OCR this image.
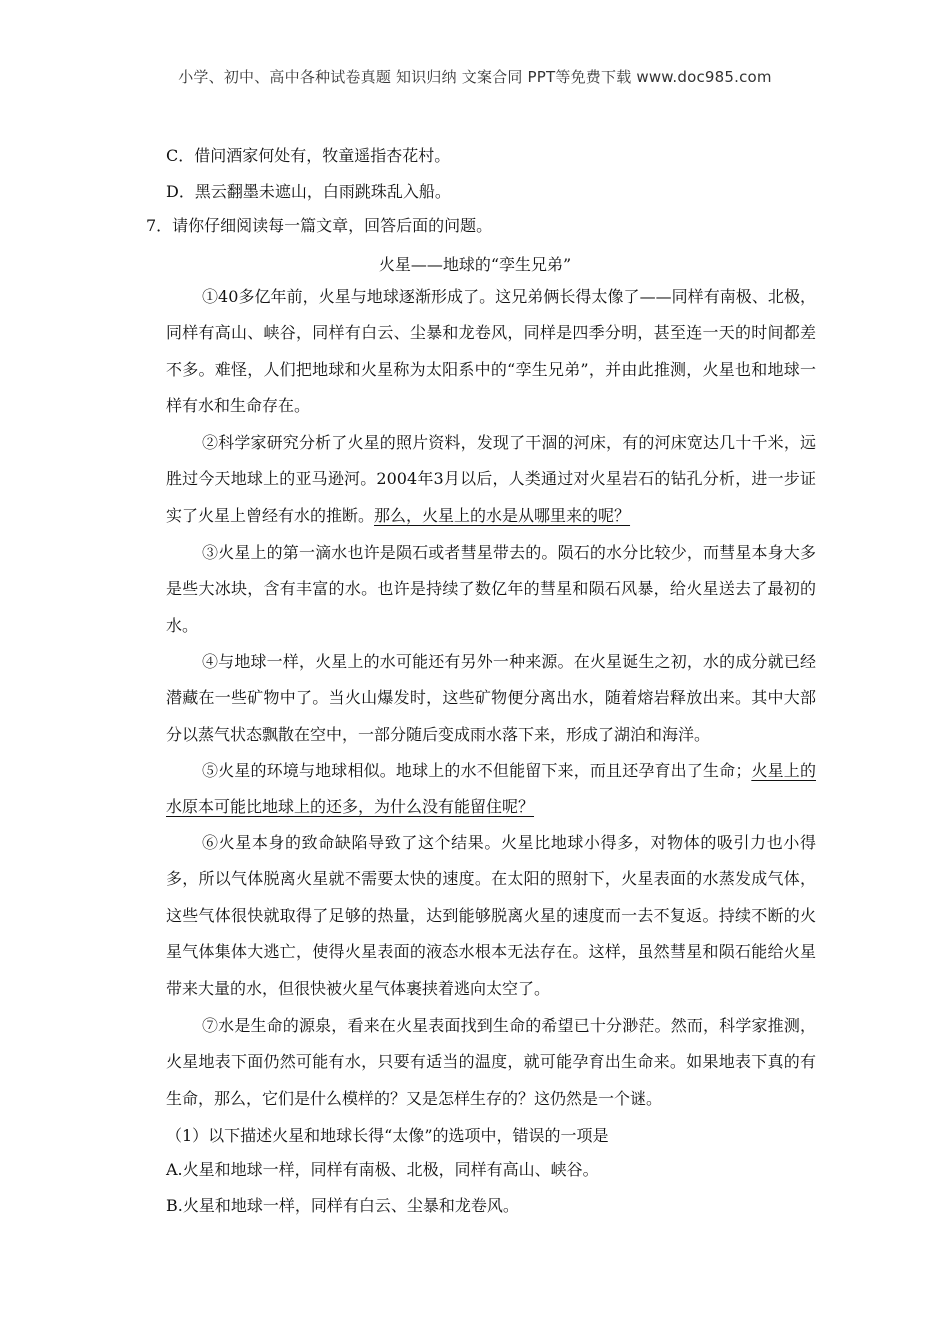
小学、初中、高中各种试卷真题 知识归纳 文案合同 PPT等免费下载 www.doc985.com
C．借问酒家何处有，牧童遥指杏花村。
D．黑云翻墨未遮山，白雨跳珠乱入船。
7．请你仔细阅读每一篇文章，回答后面的问题。
火星——地球的“孪生兄弟”
①40多亿年前，火星与地球逐渐形成了。这兄弟俩长得太像了——同样有南极、北极，同样有高山、峡谷，同样有白云、尘暴和龙卷风，同样是四季分明，甚至连一天的时间都差不多。难怪，人们把地球和火星称为太阳系中的“孪生兄弟”，并由此推测，火星也和地球一样有水和生命存在。
②科学家研究分析了火星的照片资料，发现了干涸的河床，有的河床宽达几十千米，远胜过今天地球上的亚马逊河。2004年3月以后，人类通过对火星岩石的钻孔分析，进一步证实了火星上曾经有水的推断。那么，火星上的水是从哪里来的呢？
③火星上的第一滴水也许是陨石或者彗星带去的。陨石的水分比较少，而彗星本身大多是些大冰块，含有丰富的水。也许是持续了数亿年的彗星和陨石风暴，给火星送去了最初的水。
④与地球一样，火星上的水可能还有另外一种来源。在火星诞生之初，水的成分就已经潜藏在一些矿物中了。当火山爆发时，这些矿物便分离出水，随着熔岩释放出来。其中大部分以蒸气状态飘散在空中，一部分随后变成雨水落下来，形成了湖泊和海洋。
⑤火星的环境与地球相似。地球上的水不但能留下来，而且还孕育出了生命；火星上的水原本可能比地球上的还多，为什么没有能留住呢？
⑥火星本身的致命缺陷导致了这个结果。火星比地球小得多，对物体的吸引力也小得多，所以气体脱离火星就不需要太快的速度。在太阳的照射下，火星表面的水蒸发成气体，这些气体很快就取得了足够的热量，达到能够脱离火星的速度而一去不复返。持续不断的火星气体集体大逃亡，使得火星表面的液态水根本无法存在。这样，虽然彗星和陨石能给火星带来大量的水，但很快被火星气体裹挟着逃向太空了。
⑦水是生命的源泉，看来在火星表面找到生命的希望已十分渺茫。然而，科学家推测，火星地表下面仍然可能有水，只要有适当的温度，就可能孕育出生命来。如果地表下真的有生命，那么，它们是什么模样的？又是怎样生存的？这仍然是一个谜。
（1）以下描述火星和地球长得“太像”的选项中，错误的一项是
A.火星和地球一样，同样有南极、北极，同样有高山、峡谷。
B.火星和地球一样，同样有白云、尘暴和龙卷风。
